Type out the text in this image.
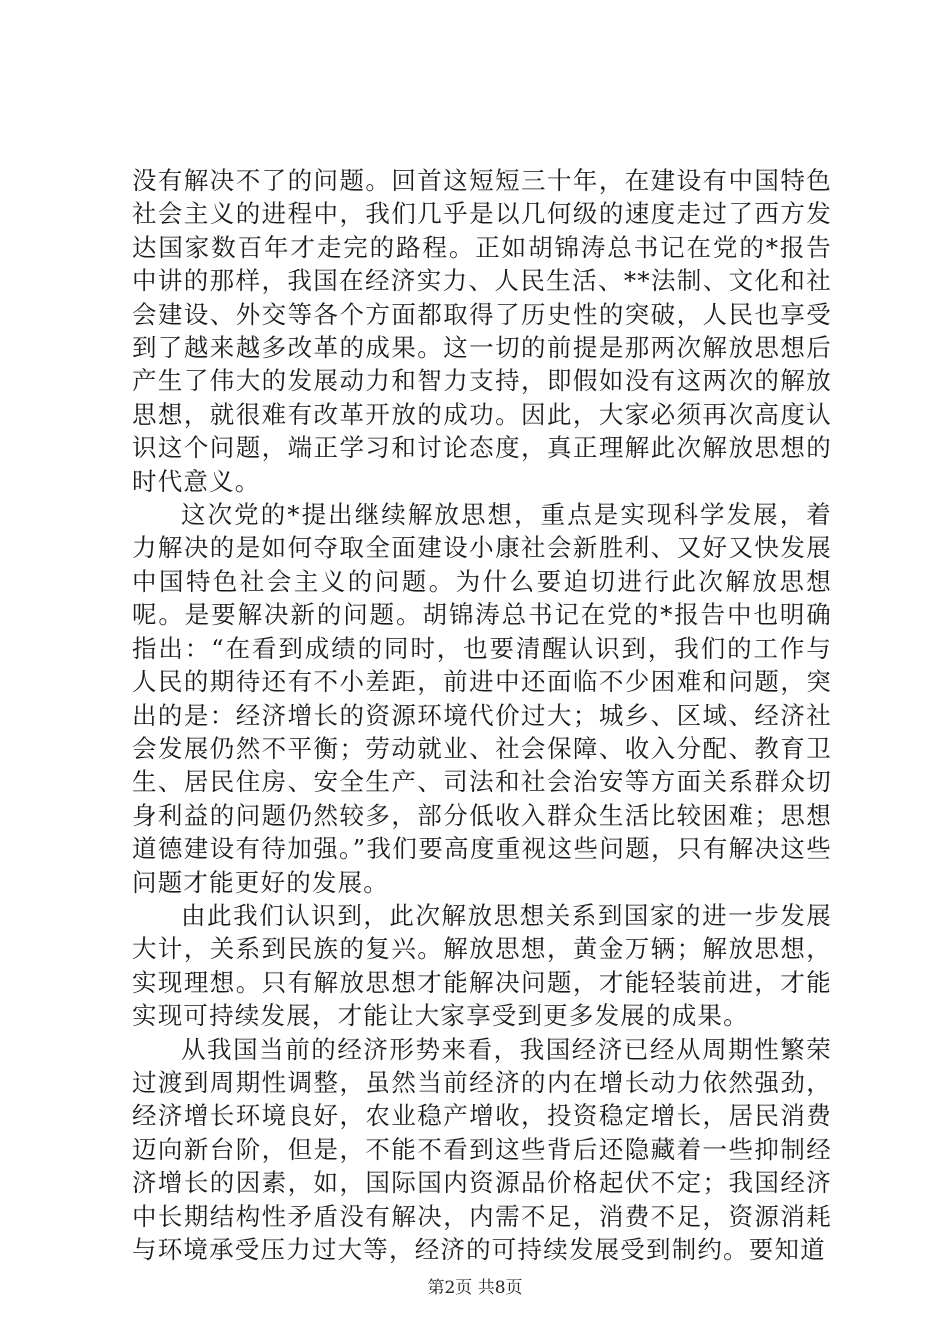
没有解决不了的问题。回首这短短三十年，在建设有中国特色社会主义的进程中，我们几乎是以几何级的速度走过了西方发达国家数百年才走完的路程。正如胡锦涛总书记在党的*报告中讲的那样，我国在经济实力、人民生活、**法制、文化和社会建设、外交等各个方面都取得了历史性的突破，人民也享受到了越来越多改革的成果。这一切的前提是那两次解放思想后产生了伟大的发展动力和智力支持，即假如没有这两次的解放思想，就很难有改革开放的成功。因此，大家必须再次高度认识这个问题，端正学习和讨论态度，真正理解此次解放思想的时代意义。

这次党的*提出继续解放思想，重点是实现科学发展，着力解决的是如何夺取全面建设小康社会新胜利、又好又快发展中国特色社会主义的问题。为什么要迫切进行此次解放思想呢。是要解决新的问题。胡锦涛总书记在党的*报告中也明确指出：“在看到成绩的同时，也要清醒认识到，我们的工作与人民的期待还有不小差距，前进中还面临不少困难和问题，突出的是：经济增长的资源环境代价过大；城乡、区域、经济社会发展仍然不平衡；劳动就业、社会保障、收入分配、教育卫生、居民住房、安全生产、司法和社会治安等方面关系群众切身利益的问题仍然较多，部分低收入群众生活比较困难；思想道德建设有待加强。”我们要高度重视这些问题，只有解决这些问题才能更好的发展。

由此我们认识到，此次解放思想关系到国家的进一步发展大计，关系到民族的复兴。解放思想，黄金万辆；解放思想，实现理想。只有解放思想才能解决问题，才能轻装前进，才能实现可持续发展，才能让大家享受到更多发展的成果。

从我国当前的经济形势来看，我国经济已经从周期性繁荣过渡到周期性调整，虽然当前经济的内在增长动力依然强劲，经济增长环境良好，农业稳产增收，投资稳定增长，居民消费迈向新台阶，但是，不能不看到这些背后还隐藏着一些抑制经济增长的因素，如，国际国内资源品价格起伏不定；我国经济中长期结构性矛盾没有解决，内需不足，消费不足，资源消耗与环境承受压力过大等，经济的可持续发展受到制约。要知道

第2页 共8页
